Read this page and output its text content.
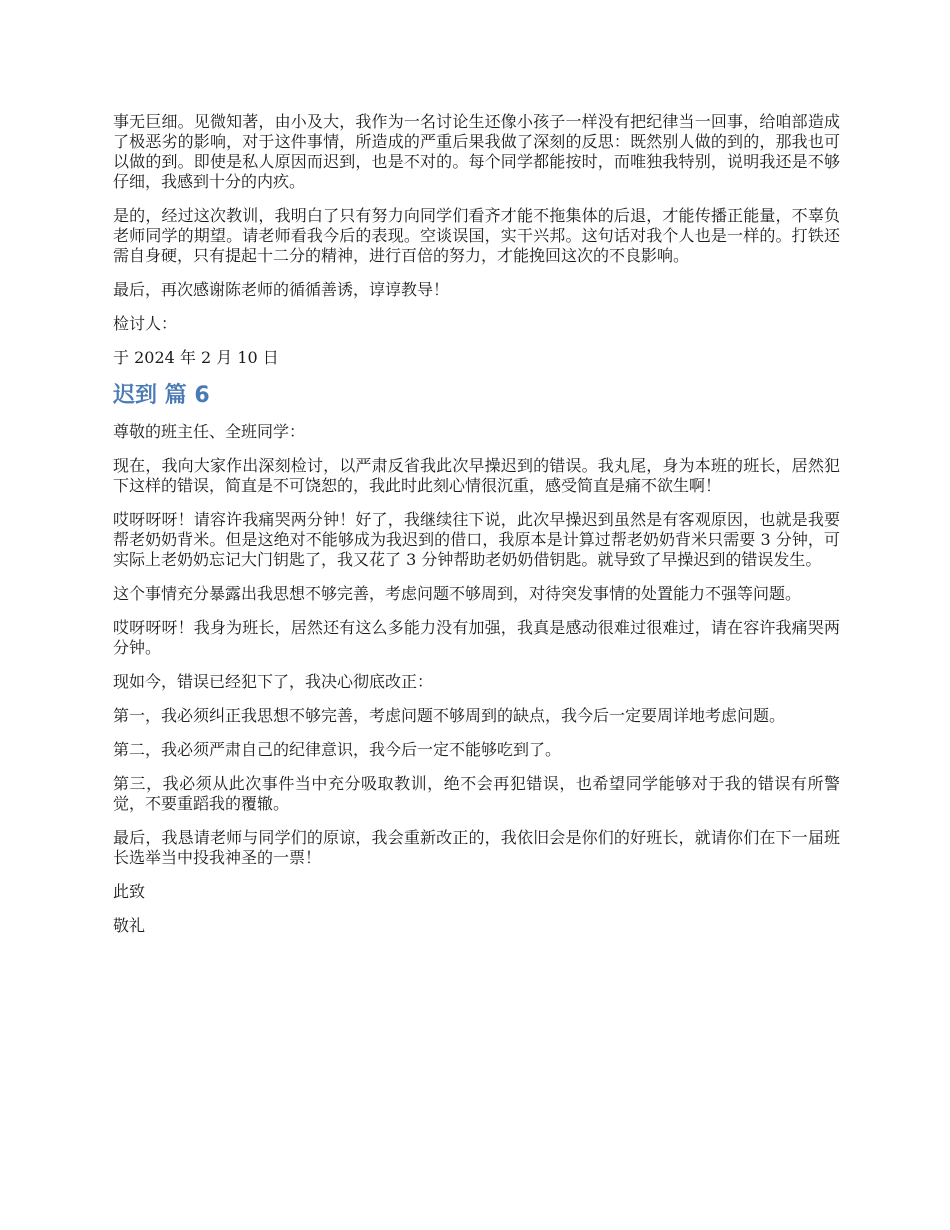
事无巨细。见微知著，由小及大，我作为一名讨论生还像小孩子一样没有把纪律当一回事，给咱部造成了极恶劣的影响，对于这件事情，所造成的严重后果我做了深刻的反思：既然别人做的到的，那我也可以做的到。即使是私人原因而迟到，也是不对的。每个同学都能按时，而唯独我特别，说明我还是不够仔细，我感到十分的内疚。

是的，经过这次教训，我明白了只有努力向同学们看齐才能不拖集体的后退，才能传播正能量，不辜负老师同学的期望。请老师看我今后的表现。空谈误国，实干兴邦。这句话对我个人也是一样的。打铁还需自身硬，只有提起十二分的精神，进行百倍的努力，才能挽回这次的不良影响。

最后，再次感谢陈老师的循循善诱，谆谆教导！

检讨人：

于 2024 年 2 月 10 日

迟到 篇 6

尊敬的班主任、全班同学：

现在，我向大家作出深刻检讨，以严肃反省我此次早操迟到的错误。我丸尾，身为本班的班长，居然犯下这样的错误，简直是不可饶恕的，我此时此刻心情很沉重，感受简直是痛不欲生啊！

哎呀呀呀！请容许我痛哭两分钟！好了，我继续往下说，此次早操迟到虽然是有客观原因，也就是我要帮老奶奶背米。但是这绝对不能够成为我迟到的借口，我原本是计算过帮老奶奶背米只需要 3 分钟，可实际上老奶奶忘记大门钥匙了，我又花了 3 分钟帮助老奶奶借钥匙。就导致了早操迟到的错误发生。

这个事情充分暴露出我思想不够完善，考虑问题不够周到，对待突发事情的处置能力不强等问题。

哎呀呀呀！我身为班长，居然还有这么多能力没有加强，我真是感动很难过很难过，请在容许我痛哭两分钟。

现如今，错误已经犯下了，我决心彻底改正：

第一，我必须纠正我思想不够完善，考虑问题不够周到的缺点，我今后一定要周详地考虑问题。

第二，我必须严肃自己的纪律意识，我今后一定不能够吃到了。

第三，我必须从此次事件当中充分吸取教训，绝不会再犯错误，也希望同学能够对于我的错误有所警觉，不要重蹈我的覆辙。

最后，我恳请老师与同学们的原谅，我会重新改正的，我依旧会是你们的好班长，就请你们在下一届班长选举当中投我神圣的一票！

此致

敬礼
